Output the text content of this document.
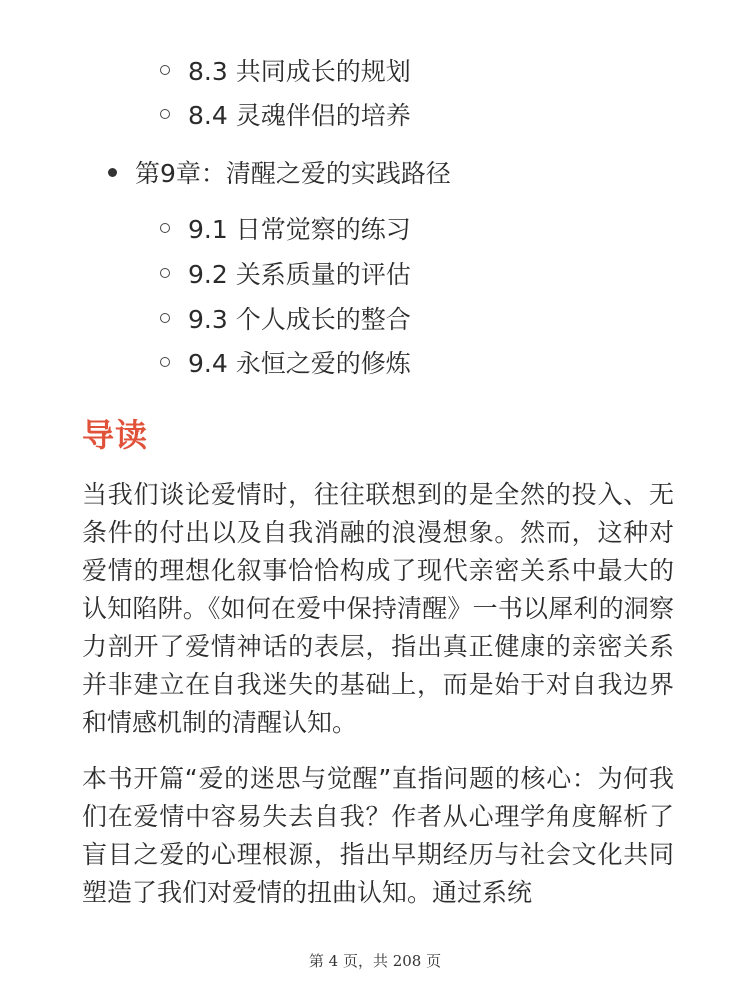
8.3 共同成长的规划
8.4 灵魂伴侣的培养
第9章：清醒之爱的实践路径
9.1 日常觉察的练习
9.2 关系质量的评估
9.3 个人成长的整合
9.4 永恒之爱的修炼
导读

当我们谈论爱情时，往往联想到的是全然的投入、无条件的付出以及自我消融的浪漫想象。然而，这种对爱情的理想化叙事恰恰构成了现代亲密关系中最大的认知陷阱。《如何在爱中保持清醒》一书以犀利的洞察力剖开了爱情神话的表层，指出真正健康的亲密关系并非建立在自我迷失的基础上，而是始于对自我边界和情感机制的清醒认知。

本书开篇“爱的迷思与觉醒”直指问题的核心：为何我们在爱情中容易失去自我？作者从心理学角度解析了盲目之爱的心理根源，指出早期经历与社会文化共同塑造了我们对爱情的扭曲认知。通过系统

第 4 页，共 208 页
